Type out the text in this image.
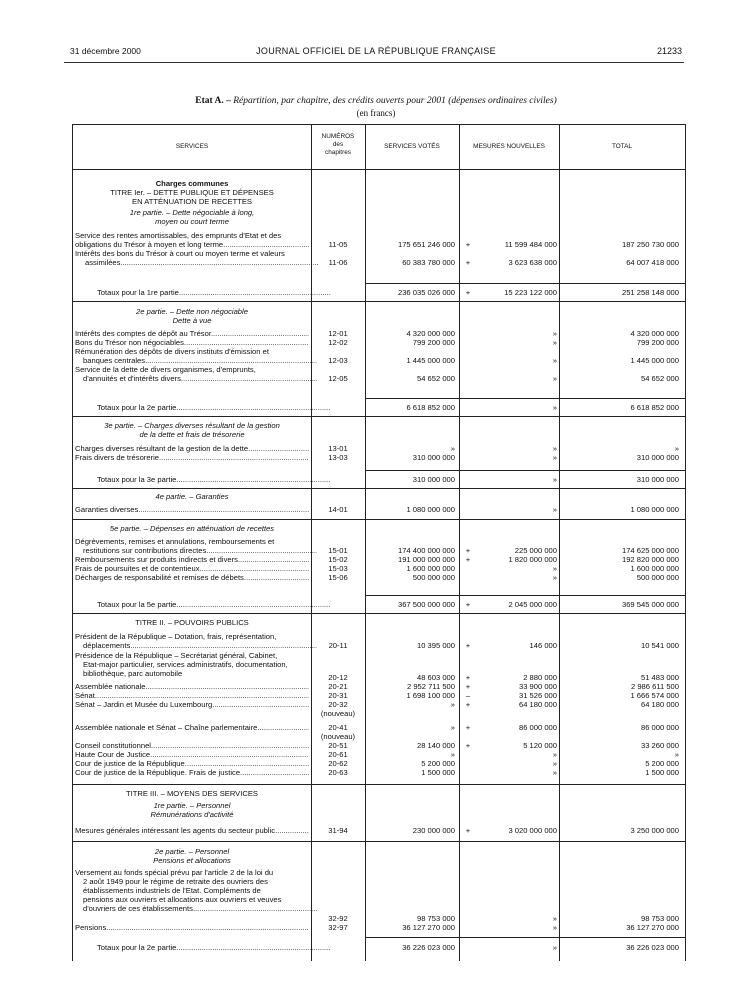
31 décembre 2000	JOURNAL OFFICIEL DE LA RÉPUBLIQUE FRANÇAISE	21233
Etat A. – Répartition, par chapitre, des crédits ouverts pour 2001 (dépenses ordinaires civiles)
(en francs)
SERVICES
NUMÉROS
des
chapitres
SERVICES VOTÉS	MESURES NOUVELLES	TOTAL
Charges communes
TITRE Ier. – DETTE PUBLIQUE ET DÉPENSES
EN ATTÉNUATION DE RECETTES
1re partie. – Dette négociable à long,
moyen ou court terme
Service des rentes amortissables, des emprunts d'Etat et des
obligations du Trésor à moyen et long terme .....	11-05	175 651 246 000	+	11 599 484 000	187 250 730 000
Intérêts des bons du Trésor à court ou moyen terme et valeurs
assimilées .....	11-06	60 383 780 000	+	3 623 638 000	64 007 418 000
Totaux pour la 1re partie .....	236 035 026 000	+	15 223 122 000	251 258 148 000
2e partie. – Dette non négociable
Dette à vue
Intérêts des comptes de dépôt au Trésor .....	12-01	4 320 000 000	»	4 320 000 000
Bons du Trésor non négociables .....	12-02	799 200 000	»	799 200 000
Rémunération des dépôts de divers instituts d'émission et
banques centrales .....	12-03	1 445 000 000	»	1 445 000 000
Service de la dette de divers organismes, d'emprunts,
d'annuités et d'intérêts divers .....	12-05	54 652 000	»	54 652 000
Totaux pour la 2e partie .....	6 618 852 000	»	6 618 852 000
3e partie. – Charges diverses résultant de la gestion
de la dette et frais de trésorerie
Charges diverses résultant de la gestion de la dette .....	13-01	»	»	»
Frais divers de trésorerie .....	13-03	310 000 000	»	310 000 000
Totaux pour la 3e partie .....	310 000 000	»	310 000 000
4e partie. – Garanties
Garanties diverses .....	14-01	1 080 000 000	»	1 080 000 000
5e partie. – Dépenses en atténuation de recettes
Dégrèvements, remises et annulations, remboursements et
restitutions sur contributions directes .....	15-01	174 400 000 000	+	225 000 000	174 625 000 000
Remboursements sur produits indirects et divers .....	15-02	191 000 000 000	+	1 820 000 000	192 820 000 000
Frais de poursuites et de contentieux .....	15-03	1 600 000 000	»	1 600 000 000
Décharges de responsabilité et remises de débets .....	15-06	500 000 000	»	500 000 000
Totaux pour la 5e partie .....	367 500 000 000	+	2 045 000 000	369 545 000 000
TITRE II. – POUVOIRS PUBLICS
Président de la République – Dotation, frais, représentation,
déplacements .....	20-11	10 395 000	+	146 000	10 541 000
Présidence de la République – Secrétariat général, Cabinet,
Etat-major particulier, services administratifs, documentation,
bibliothèque, parc automobile	20-12	48 603 000	+	2 880 000	51 483 000
Assemblée nationale .....	20-21	2 952 711 500	+	33 900 000	2 986 611 500
Sénat .....	20-31	1 698 100 000	–	31 526 000	1 666 574 000
Sénat – Jardin et Musée du Luxembourg .....	20-32	»	+	64 180 000	64 180 000
(nouveau)
Assemblée nationale et Sénat – Chaîne parlementaire .....	20-41	»	+	86 000 000	86 000 000
(nouveau)
Conseil constitutionnel .....	20-51	28 140 000	+	5 120 000	33 260 000
Haute Cour de Justice .....	20-61	»	»	»
Cour de justice de la République .....	20-62	5 200 000	»	5 200 000
Cour de justice de la République. Frais de justice .....	20-63	1 500 000	»	1 500 000
TITRE III. – MOYENS DES SERVICES
1re partie. – Personnel
Rémunérations d'activité
Mesures générales intéressant les agents du secteur public .....	31-94	230 000 000	+	3 020 000 000	3 250 000 000
2e partie. – Personnel
Pensions et allocations
Versement au fonds spécial prévu par l'article 2 de la loi du
2 août 1949 pour le régime de retraite des ouvriers des
établissements industriels de l'Etat. Compléments de
pensions aux ouvriers et allocations aux ouvriers et veuves
d'ouvriers de ces établissements .....
32-92	98 753 000	»	98 753 000
Pensions .....	32-97	36 127 270 000	»	36 127 270 000
Totaux pour la 2e partie .....	36 226 023 000	»	36 226 023 000
